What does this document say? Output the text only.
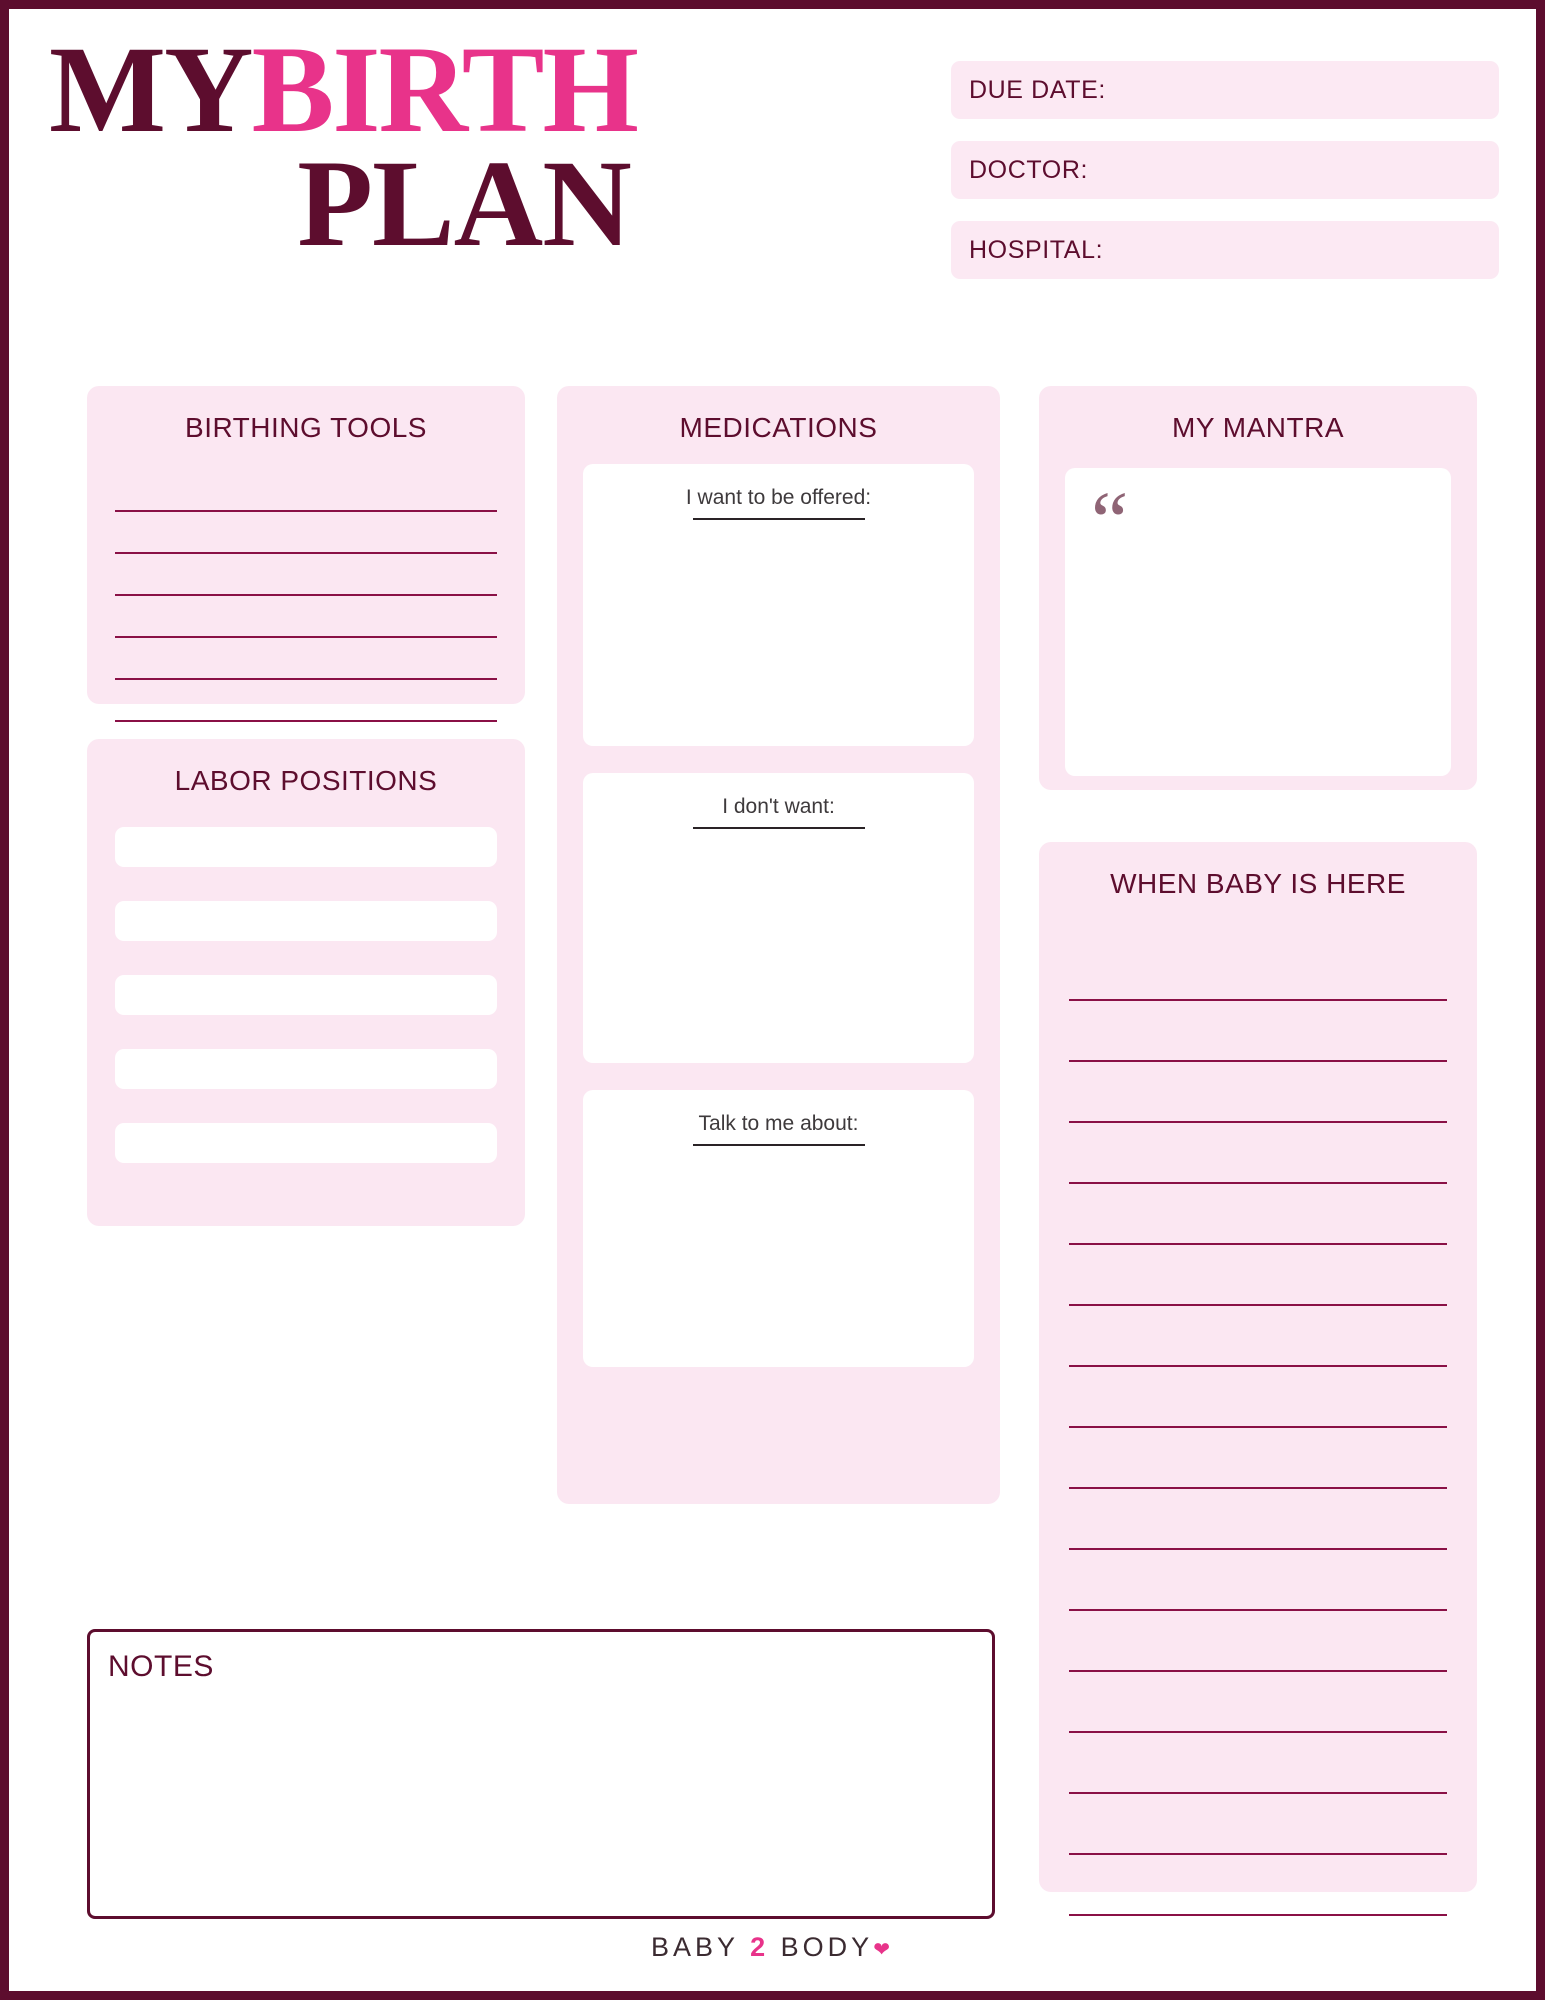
MYBIRTH
PLAN
DUE DATE:
DOCTOR:
HOSPITAL:
BIRTHING TOOLS
LABOR POSITIONS
MEDICATIONS
I want to be offered:
I don't want:
Talk to me about:
MY MANTRA
“
WHEN BABY IS HERE
NOTES
BABY 2 BODY❤
